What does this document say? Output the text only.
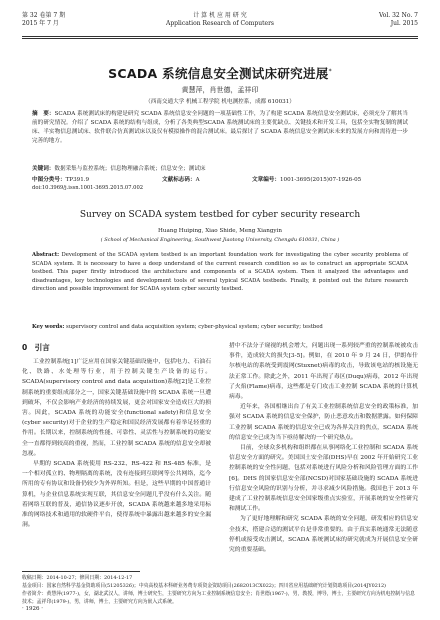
第 32 卷第 7 期
2015 年 7 月
计 算 机 应 用 研 究
Application Research of Computers
Vol. 32 No. 7
Jul. 2015
SCADA 系统信息安全测试床研究进展*
黄慧萍，肖世德，孟祥印
（西南交通大学 机械工程学院 机电测控系，成都 610031）
摘　要：SCADA 系统测试床的构建是研究 SCADA 系统信息安全问题的一项基础性工作，为了构建 SCADA 系统信息安全测试床，必须充分了解其当前的研究情况。介绍了 SCADA 系统的结构与组成，分析了各类典型SCADA 系统测试床的主要优缺点、关键技术和开发工具，包括全实物复制的测试床、半实物信息测试床、软件联合仿真测试床以及仅有模拟操作的混合测试床。最后探讨了 SCADA 系统信息安全测试床未来的发展方向和需待进一步完善的地方。
关键词：数据采集与监控系统；信息物理融合系统；信息安全；测试床
中图分类号：TP391.9	文献标志码：A	文章编号：1001-3695(2015)07-1926-05
doi:10.3969/j.issn.1001-3695.2015.07.002
Survey on SCADA system testbed for cyber security research
Huang Huiping, Xiao Shide, Meng Xiangyin
( School of Mechanical Engineering, Southwest Jiaotong University, Chengdu 610031, China )
Abstract: Development of the SCADA system testbed is an important foundation work for investigating the cyber security problems of SCADA system. It is necessary to have a deep understand of the current research condition so as to construct an appropriate SCADA testbed. This paper firstly introduced the architecture and components of a SCADA system. Then it analyzed the advantages and disadvantages, key technologies and development tools of several typical SCADA testbeds. Finally, it pointed out the future research direction and possible improvement for SCADA system cyber security testbed.
Key words: supervisory control and data acquisition system; cyber-physical system; cyber security; testbed

0　引言

工业控制系统[1]广泛应用在国家关键基础设施中，包括电力、石油石化、铁路、水处理等行业，用于控制关键生产设备的运行。SCADA(supervisory control and data acquisition)系统[2]是工业控制系统的重要组成部分之一，国家关键基础设施中的 SCADA 系统一旦遭到破坏，不仅会影响产业经济的持续发展，更会对国家安全造成巨大的损害。因此，SCADA 系统的功能安全(functional safety)和信息安全(cyber security)对于企业的生产稳定和国民经济发展都有着举足轻重的作用。长期以来，控制系统的性能、可靠性、灵活性与控制系统的功能安全一直都得到较高的重视，然而，工业控制 SCADA 系统的信息安全却被忽视。

早期的 SCADA 系统使用 RS-232、RS-422 和 RS-485 标准，是一个相对孤立的、物理隔离的系统，没有连接到互联网等公共网络，迄今所用的专有协议和设备仍较少为外界所知。但是，这些早期的中国普通计算机，与企业信息系统实现互联，其信息安全问题几乎没有什么关注。随着网络互联的普及，通信协议逐步开放，SCADA 系统越来越多地采用标准的网络技术和通用的软硬件平台，使得系统中暴露出越来越多的安全漏洞。

措中不法分子窥视的机会增大，问题出现一系列较严重的控制系统被攻击事件，造成较大的损失[3-5]。例如，在 2010 年 9 月 24 日，伊朗布什尔核电站的系统受到震网(Stuxnet)病毒的攻击，导致该电站的核设施无法正常工作。除此之外，2011 年出现了毒区(Duqu)病毒，2012 年出现了火焰(Flame)病毒，这些都是专门攻击工业控制 SCADA 系统的计算机病毒。

近年来，各国相继出台了有关工业控制系统信息安全的政策标准，加强对 SCADA 系统的信息安全保护，防止恶意攻击和数据泄露。如何保障工业控制 SCADA 系统的信息安全已成为各界关注的焦点，SCADA 系统的信息安全已成为当下亟待解决的一个研究热点。

目前，全球众多机构和组织都在从事网络化工业控制和 SCADA 系统信息安全方面的研究。美国国土安全部(DHS)早在 2002 年开始研究工业控制系统的安全性问题，包括对系统进行风险分析和风险管理方面的工作[6]。DHS 的国家信息安全部(NCSD)对国家基础设施的 SCADA 系统进行信息安全风险的识别与分析，并寻求减少风险措施。我国也于 2013 年建成了工业控制系统信息安全国家级重点实验室，开展系统的安全性研究和测试工作。

为了更好地理解和研究 SCADA 系统的安全问题，研发相应的信息安全技术，搭建合适的测试平台是非常重要的。由于真实系统通常无法随意停机或接受攻击测试，SCADA 系统测试床的研究就成为开展信息安全研究的重要基础。

收稿日期：2014-10-27；修回日期：2014-12-17
基金项目：国家自然科学基金资助项目(51205326)；中央高校基本科研业务费专项资金资助项目(2682013CX022)；四川省应用基础研究计划资助项目(2014JY0212)
作者简介：黄慧萍(1977-)，女，湖北武汉人，讲师，博士研究生，主要研究方向为工业控制系统信息安全；肖世德(1967-)，男，教授，博导，博士，主要研究方向为机电控制与信息技术；孟祥印(1979-)，男，讲师，博士，主要研究方向为嵌入式系统。
· 1926 ·
